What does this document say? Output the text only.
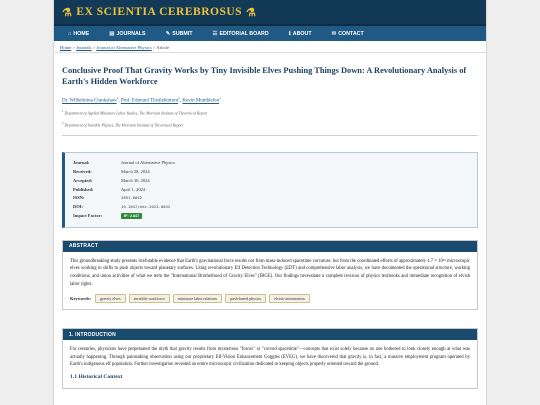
⚗ EX SCIENTIA CEREBROSUS ⚗
⌂ HOME	▤ JOURNALS	✎ SUBMIT	☰ EDITORIAL BOARD	ℹ ABOUT	✉ CONTACT
Home > Journals > Journal of Alternative Physics > Article
Conclusive Proof That Gravity Works by Tiny Invisible Elves Pushing Things Down: A Revolutionary Analysis of Earth's Hidden Workforce
Dr. Wilhelmina Crankshaw$^1$, Prof. Edmund Thistlebottom$^2$, Kevin Mumbleton$^1$
$^1$ Department of Applied Miniature Labor Studies, The Morrison Institute of Theoretical Report
$^2$ Department of Invisible Physics, The Morrison Institute of Theoretical Report
Journal:	Journal of Alternative Physics
Received:	March 28, 2024
Accepted:	March 30, 2024
Published:	April 1, 2024
ISSN:	2891-0042
DOI:	10.1847/eac.2024.0042
Impact Factor:	IF: 2.847
ABSTRACT

This groundbreaking study presents irrefutable evidence that Earth's gravitational force results not from mass-induced spacetime curvature, but from the coordinated efforts of approximately 4.7 × 10¹⁵ microscopic elves working in shifts to push objects toward planetary surfaces. Using revolutionary Elf Detection Technology (EDT) and comprehensive labor analysis, we have documented the operational structure, working conditions, and union activities of what we term the "International Brotherhood of Gravity Elves" (IBGE). Our findings necessitate a complete revision of physics textbooks and immediate recognition of elvish labor rights.

Keywords:	gravity elves	invisible workforce	miniature labor relations	push-based physics	elvish unionization
1. INTRODUCTION

For centuries, physicists have perpetuated the myth that gravity results from mysterious "forces" or "curved spacetime"—concepts that exist solely because no one bothered to look closely enough at what was actually happening. Through painstaking observation using our proprietary Elf-Vision Enhancement Goggles (EVEG), we have discovered that gravity is, in fact, a massive employment program operated by Earth's indigenous elf population. Further investigation revealed an entire microscopic civilization dedicated to keeping objects properly oriented toward the ground.

1.1 Historical Context
